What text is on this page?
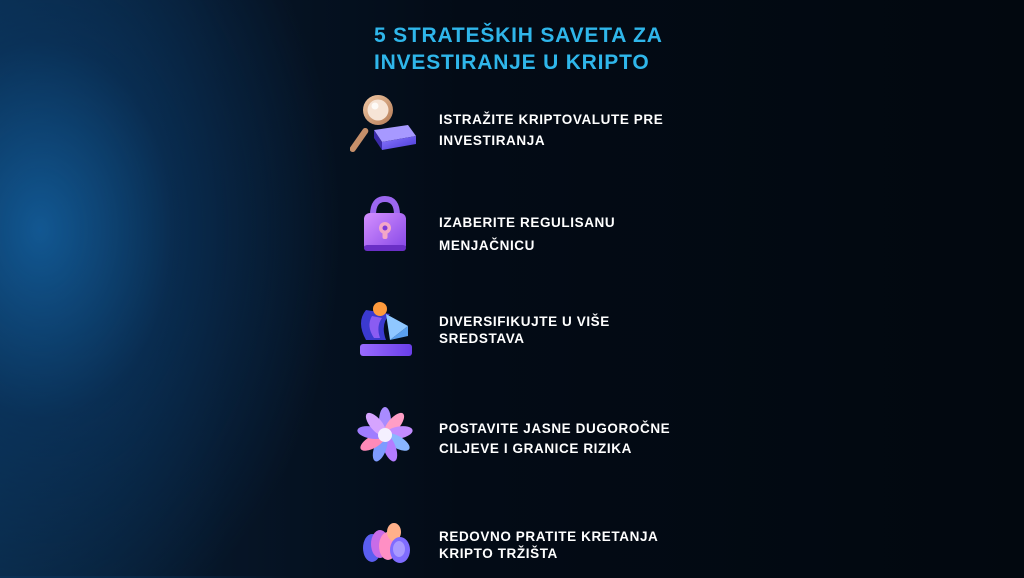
5 STRATEŠKIH SAVETA ZA
INVESTIRANJE U KRIPTO
ISTRAŽITE KRIPTOVALUTE PRE
INVESTIRANJA
IZABERITE REGULISANU
MENJAČNICU
DIVERSIFIKUJTE U VIŠE
SREDSTAVA
POSTAVITE JASNE DUGOROČNE
CILJEVE I GRANICE RIZIKA
REDOVNO PRATITE KRETANJA
KRIPTO TRŽIŠTA
